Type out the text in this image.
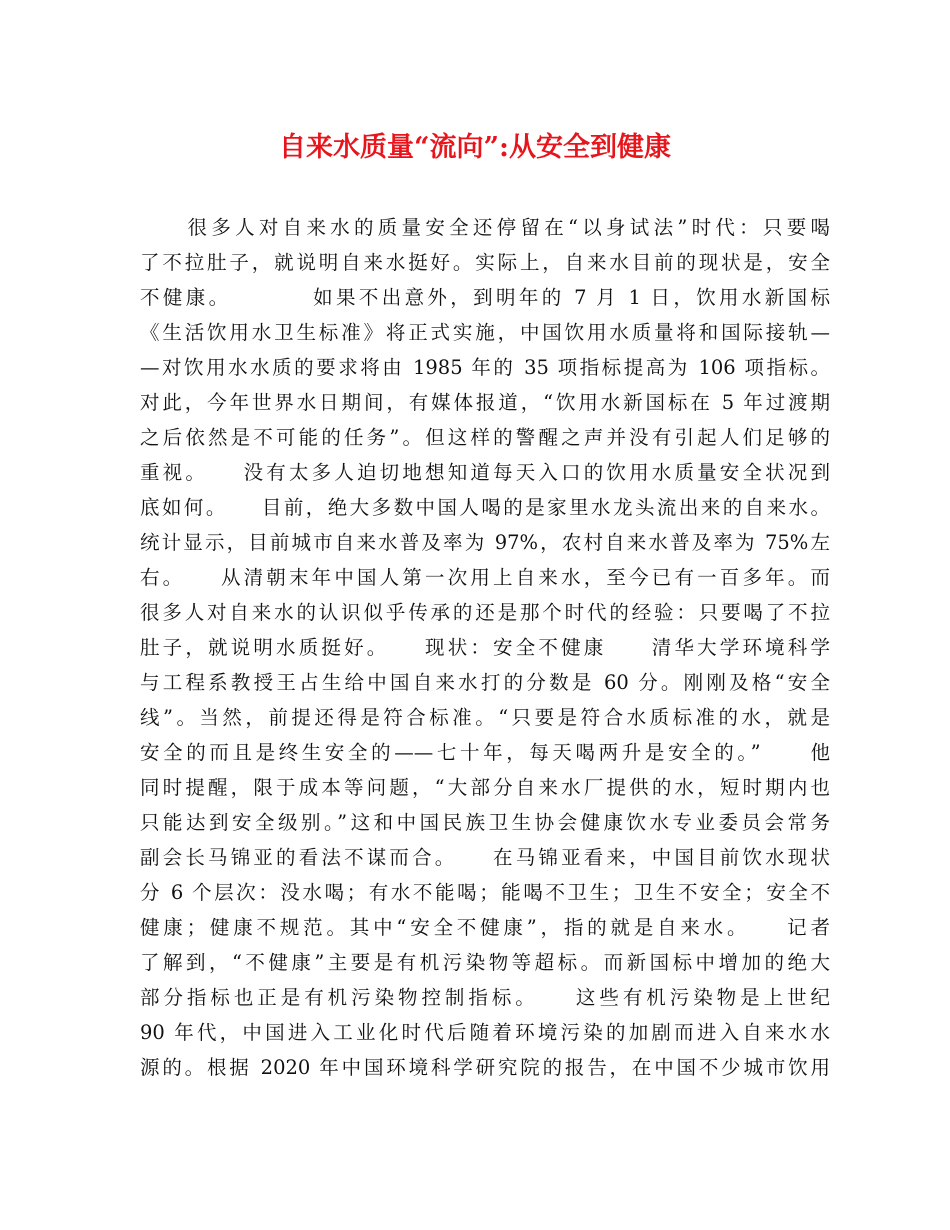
自来水质量“流向”:从安全到健康
　　很多人对自来水的质量安全还停留在“以身试法”时代：只要喝
了不拉肚子，就说明自来水挺好。实际上，自来水目前的现状是，安全
不健康。　　　　如果不出意外，到明年的 7 月 1 日，饮用水新国标
《生活饮用水卫生标准》将正式实施，中国饮用水质量将和国际接轨—
—对饮用水水质的要求将由 1985 年的 35 项指标提高为 106 项指标。
对此，今年世界水日期间，有媒体报道，“饮用水新国标在 5 年过渡期
之后依然是不可能的任务”。但这样的警醒之声并没有引起人们足够的
重视。　　没有太多人迫切地想知道每天入口的饮用水质量安全状况到
底如何。　　目前，绝大多数中国人喝的是家里水龙头流出来的自来水。
统计显示，目前城市自来水普及率为 97%，农村自来水普及率为 75%左
右。　　从清朝末年中国人第一次用上自来水，至今已有一百多年。而
很多人对自来水的认识似乎传承的还是那个时代的经验：只要喝了不拉
肚子，就说明水质挺好。　　现状：安全不健康　　清华大学环境科学
与工程系教授王占生给中国自来水打的分数是 60 分。刚刚及格“安全
线”。当然，前提还得是符合标准。“只要是符合水质标准的水，就是
安全的而且是终生安全的——七十年，每天喝两升是安全的。”　　他
同时提醒，限于成本等问题，“大部分自来水厂提供的水，短时期内也
只能达到安全级别。”这和中国民族卫生协会健康饮水专业委员会常务
副会长马锦亚的看法不谋而合。　　在马锦亚看来，中国目前饮水现状
分 6 个层次：没水喝；有水不能喝；能喝不卫生；卫生不安全；安全不
健康；健康不规范。其中“安全不健康”，指的就是自来水。　　记者
了解到，“不健康”主要是有机污染物等超标。而新国标中增加的绝大
部分指标也正是有机污染物控制指标。　　这些有机污染物是上世纪
90 年代，中国进入工业化时代后随着环境污染的加剧而进入自来水水
源的。根据 2020 年中国环境科学研究院的报告，在中国不少城市饮用
